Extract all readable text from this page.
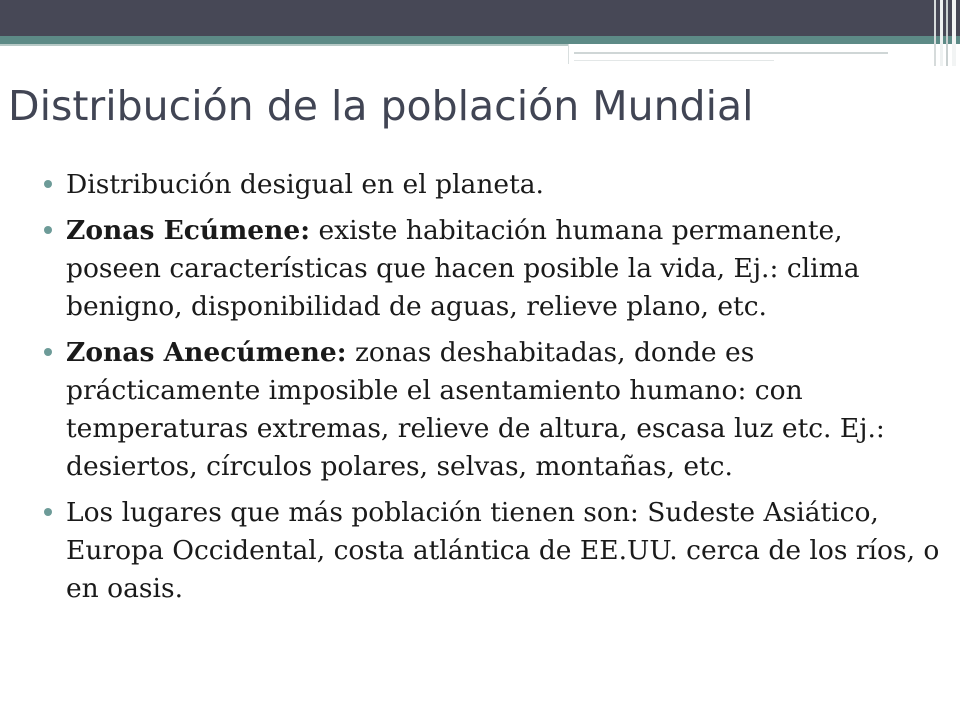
Distribución de la población Mundial
Distribución desigual en el planeta.
Zonas Ecúmene: existe habitación humana permanente, poseen características que hacen posible la vida, Ej.: clima benigno, disponibilidad de aguas, relieve plano, etc.
Zonas Anecúmene: zonas deshabitadas, donde es prácticamente imposible el asentamiento humano: con temperaturas extremas, relieve de altura, escasa luz etc. Ej.: desiertos, círculos polares, selvas, montañas, etc.
Los lugares que más población tienen son: Sudeste Asiático, Europa Occidental, costa atlántica de EE.UU. cerca de los ríos, o en oasis.
